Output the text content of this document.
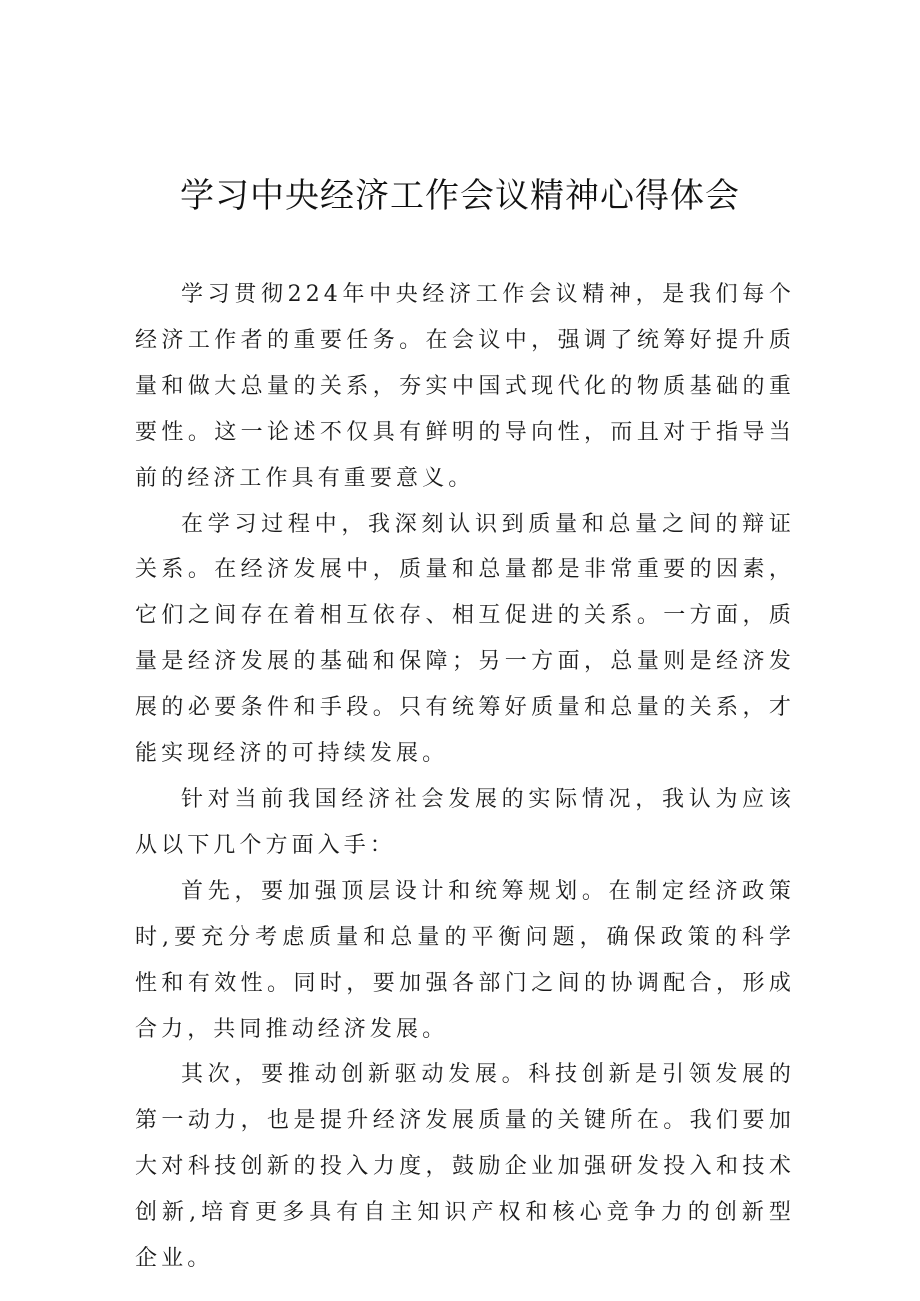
学习中央经济工作会议精神心得体会

学习贯彻224年中央经济工作会议精神，是我们每个经济工作者的重要任务。在会议中，强调了统筹好提升质量和做大总量的关系，夯实中国式现代化的物质基础的重要性。这一论述不仅具有鲜明的导向性，而且对于指导当前的经济工作具有重要意义。

在学习过程中，我深刻认识到质量和总量之间的辩证关系。在经济发展中，质量和总量都是非常重要的因素，它们之间存在着相互依存、相互促进的关系。一方面，质量是经济发展的基础和保障；另一方面，总量则是经济发展的必要条件和手段。只有统筹好质量和总量的关系，才能实现经济的可持续发展。

针对当前我国经济社会发展的实际情况，我认为应该从以下几个方面入手：

首先，要加强顶层设计和统筹规划。在制定经济政策时,要充分考虑质量和总量的平衡问题，确保政策的科学性和有效性。同时，要加强各部门之间的协调配合，形成合力，共同推动经济发展。

其次，要推动创新驱动发展。科技创新是引领发展的第一动力，也是提升经济发展质量的关键所在。我们要加大对科技创新的投入力度，鼓励企业加强研发投入和技术创新,培育更多具有自主知识产权和核心竞争力的创新型企业。
